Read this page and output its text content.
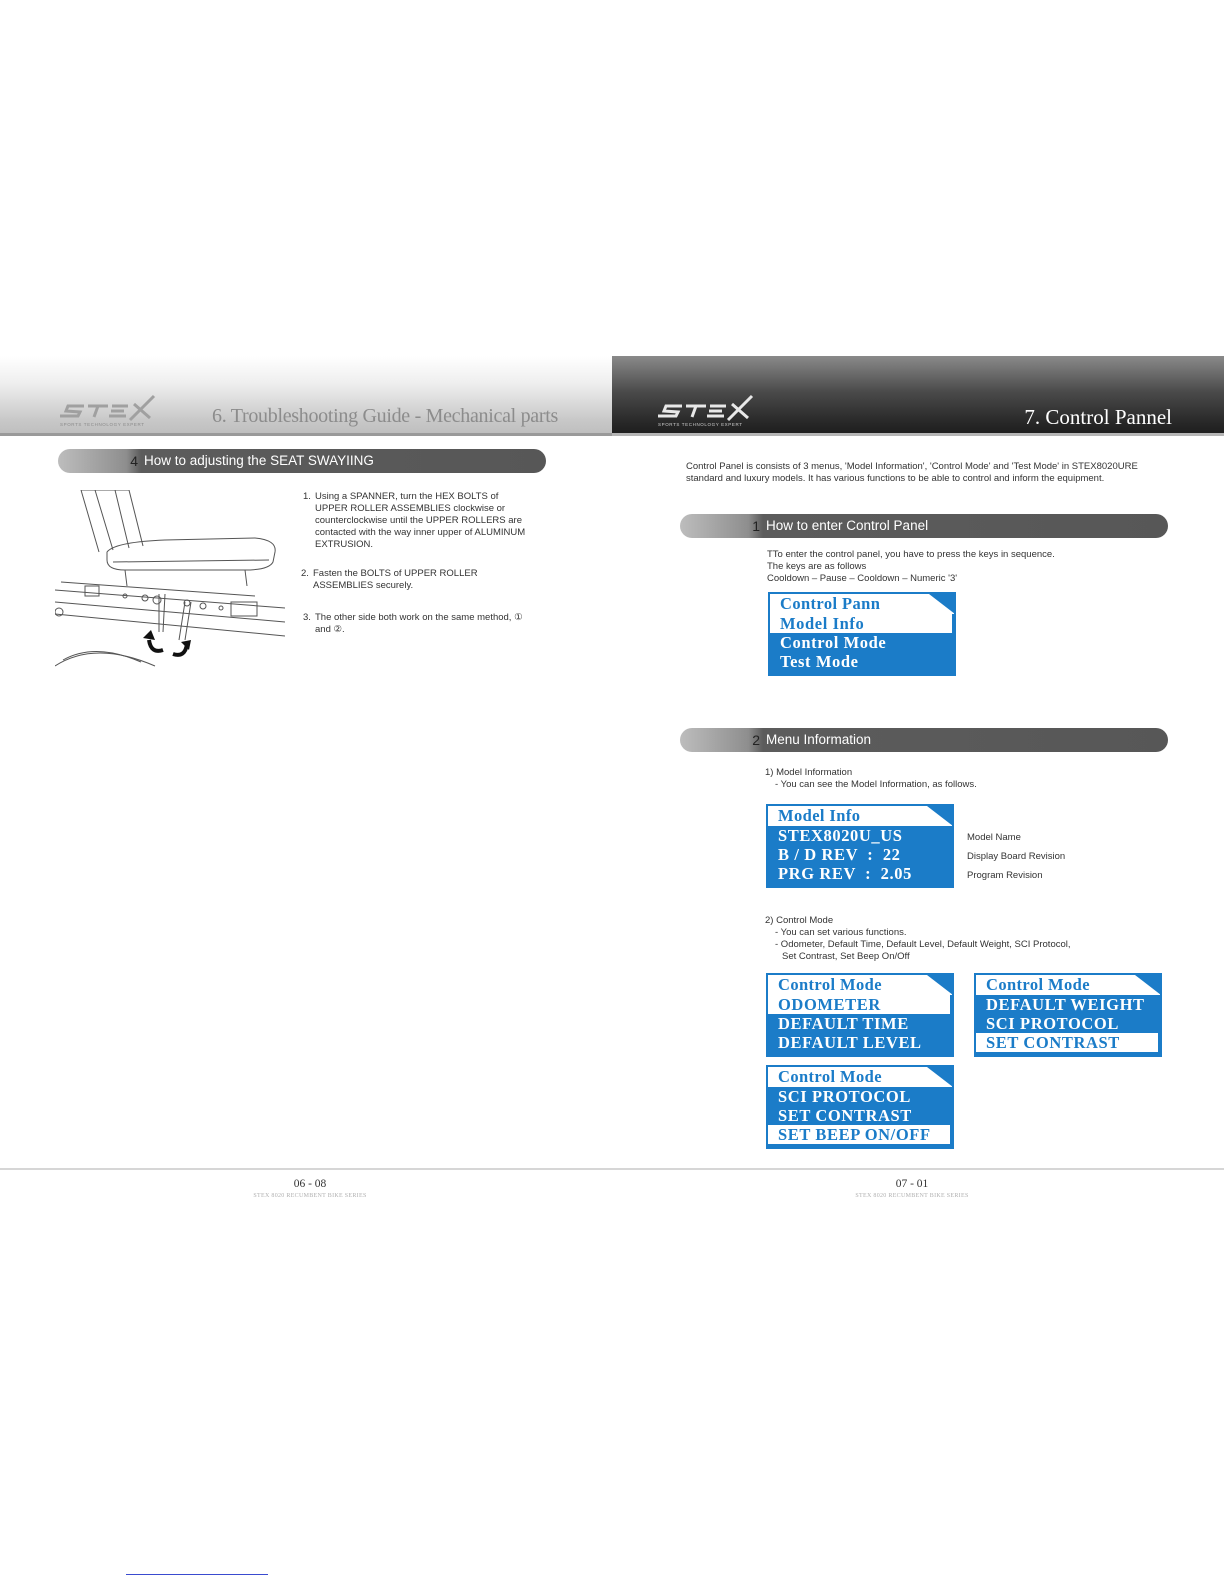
SPORTS TECHNOLOGY EXPERT	6. Troubleshooting Guide - Mechanical parts	SPORTS TECHNOLOGY EXPERT	7. Control Pannel
4 How to adjusting the SEAT SWAYIING
1. Using a SPANNER, turn the HEX BOLTS of UPPER ROLLER ASSEMBLIES clockwise or counterclockwise until the UPPER ROLLERS are contacted with the way inner upper of ALUMINUM EXTRUSION.
2. Fasten the BOLTS of UPPER ROLLER ASSEMBLIES securely.
3. The other side both work on the same method, ① and ②.
Control Panel is consists of 3 menus, 'Model Information', 'Control Mode' and 'Test Mode' in STEX8020URE standard and luxury models. It has various functions to be able to control and inform the equipment.
1 How to enter Control Panel

TTo enter the control panel, you have to press the keys in sequence.

The keys are as follows

Cooldown – Pause – Cooldown – Numeric '3'

Control Pann
Model Info
Control Mode
Test Mode
2 Menu Information

1) Model Information

- You can see the Model Information, as follows.

Model Info
STEX8020U_US
B / D REV  :  22
PRG REV  :  2.05
Model Name
Display Board Revision
Program Revision

2) Control Mode

- You can set various functions.

- Odometer, Default Time, Default Level, Default Weight, SCI Protocol,

Set Contrast, Set Beep On/Off

Control Mode
ODOMETER
DEFAULT TIME
DEFAULT LEVEL
Control Mode
DEFAULT WEIGHT
SCI PROTOCOL
SET CONTRAST
Control Mode
SCI PROTOCOL
SET CONTRAST
SET BEEP ON/OFF
06 - 08
STEX 8020 RECUMBENT BIKE SERIES
07 - 01
STEX 8020 RECUMBENT BIKE SERIES
